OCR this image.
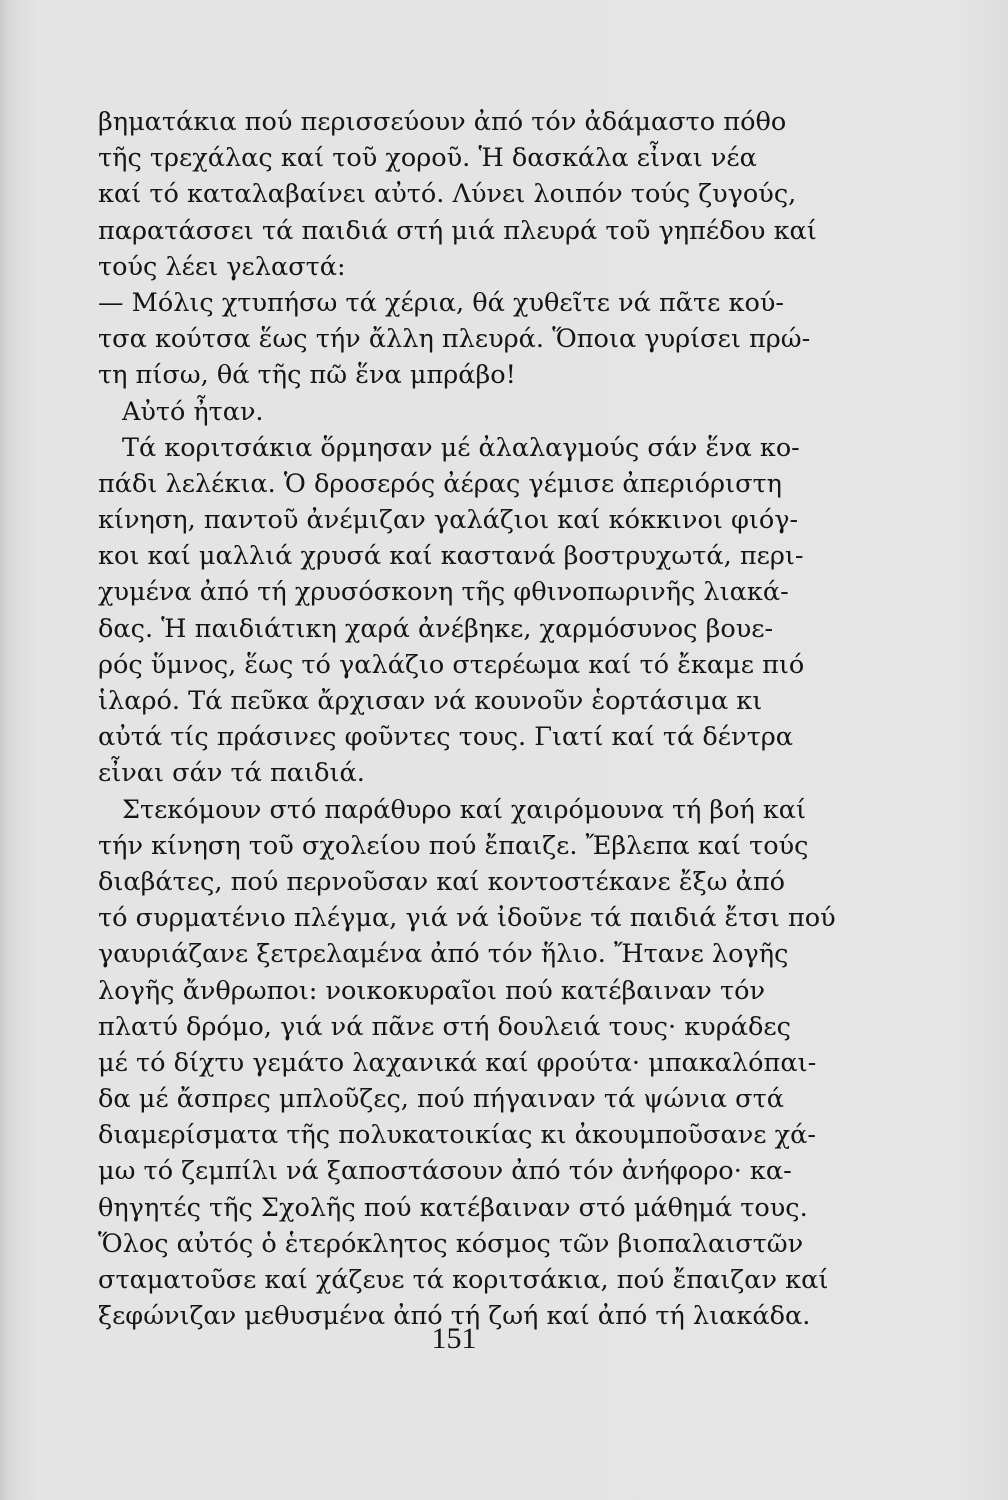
βηματάκια πού περισσεύουν ἀπό τόν ἀδάμαστο πόθο
τῆς τρεχάλας καί τοῦ χοροῦ. Ἡ δασκάλα εἶναι νέα
καί τό καταλαβαίνει αὐτό. Λύνει λοιπόν τούς ζυγούς,
παρατάσσει τά παιδιά στή μιά πλευρά τοῦ γηπέδου καί
τούς λέει γελαστά:
— Μόλις χτυπήσω τά χέρια, θά χυθεῖτε νά πᾶτε κού-
τσα κούτσα ἕως τήν ἄλλη πλευρά. Ὅποια γυρίσει πρώ-
τη πίσω, θά τῆς πῶ ἕνα μπράβο!
Αὐτό ἦταν.
Τά κοριτσάκια ὅρμησαν μέ ἀλαλαγμούς σάν ἕνα κο-
πάδι λελέκια. Ὁ δροσερός ἀέρας γέμισε ἀπεριόριστη
κίνηση, παντοῦ ἀνέμιζαν γαλάζιοι καί κόκκινοι φιόγ-
κοι καί μαλλιά χρυσά καί καστανά βοστρυχωτά, περι-
χυμένα ἀπό τή χρυσόσκονη τῆς φθινοπωρινῆς λιακά-
δας. Ἡ παιδιάτικη χαρά ἀνέβηκε, χαρμόσυνος βουε-
ρός ὕμνος, ἕως τό γαλάζιο στερέωμα καί τό ἔκαμε πιό
ἱλαρό. Τά πεῦκα ἄρχισαν νά κουνοῦν ἑορτάσιμα κι
αὐτά τίς πράσινες φοῦντες τους. Γιατί καί τά δέντρα
εἶναι σάν τά παιδιά.
Στεκόμουν στό παράθυρο καί χαιρόμουνα τή βοή καί
τήν κίνηση τοῦ σχολείου πού ἔπαιζε. Ἔβλεπα καί τούς
διαβάτες, πού περνοῦσαν καί κοντοστέκανε ἔξω ἀπό
τό συρματένιο πλέγμα, γιά νά ἰδοῦνε τά παιδιά ἔτσι πού
γαυριάζανε ξετρελαμένα ἀπό τόν ἥλιο. Ἤτανε λογῆς
λογῆς ἄνθρωποι: νοικοκυραῖοι πού κατέβαιναν τόν
πλατύ δρόμο, γιά νά πᾶνε στή δουλειά τους· κυράδες
μέ τό δίχτυ γεμάτο λαχανικά καί φρούτα· μπακαλόπαι-
δα μέ ἄσπρες μπλοῦζες, πού πήγαιναν τά ψώνια στά
διαμερίσματα τῆς πολυκατοικίας κι ἀκουμποῦσανε χά-
μω τό ζεμπίλι νά ξαποστάσουν ἀπό τόν ἀνήφορο· κα-
θηγητές τῆς Σχολῆς πού κατέβαιναν στό μάθημά τους.
Ὅλος αὐτός ὁ ἑτερόκλητος κόσμος τῶν βιοπαλαιστῶν
σταματοῦσε καί χάζευε τά κοριτσάκια, πού ἔπαιζαν καί
ξεφώνιζαν μεθυσμένα ἀπό τή ζωή καί ἀπό τή λιακάδα.
151
